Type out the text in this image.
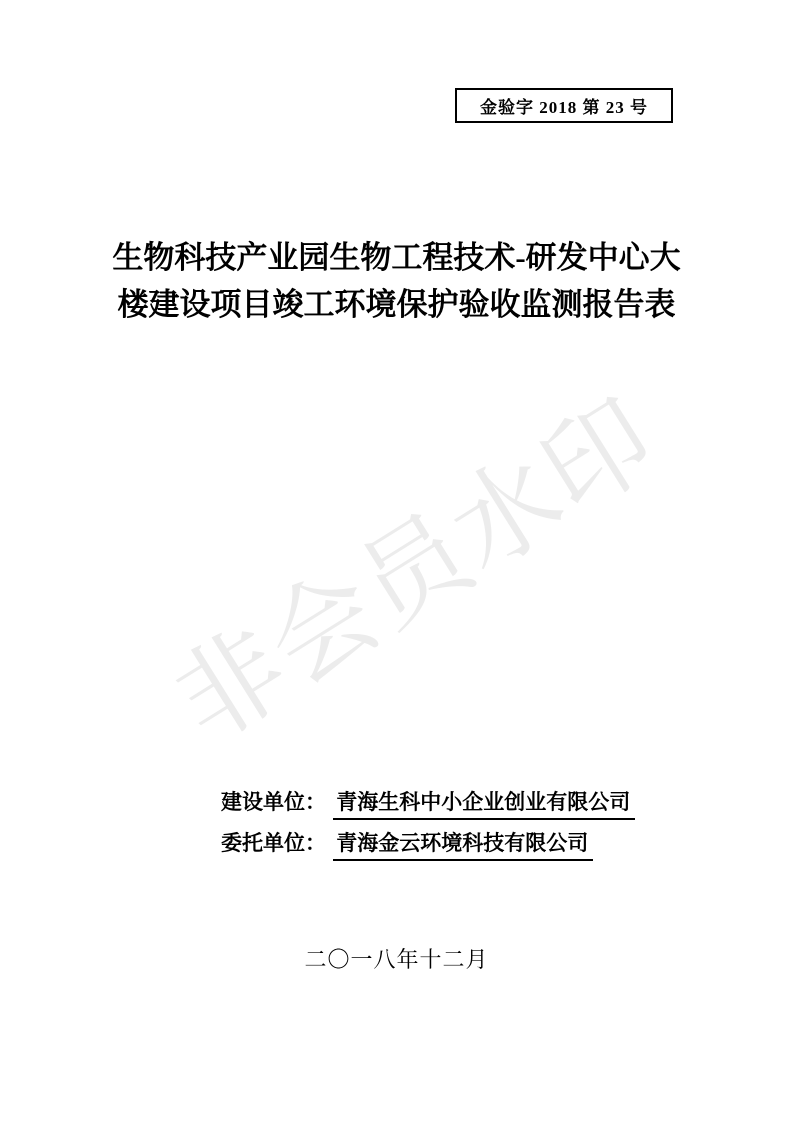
非会员水印
金验字 2018 第 23 号
生物科技产业园生物工程技术-研发中心大
楼建设项目竣工环境保护验收监测报告表
建设单位： 青海生科中小企业创业有限公司
委托单位： 青海金云环境科技有限公司
二〇一八年十二月
